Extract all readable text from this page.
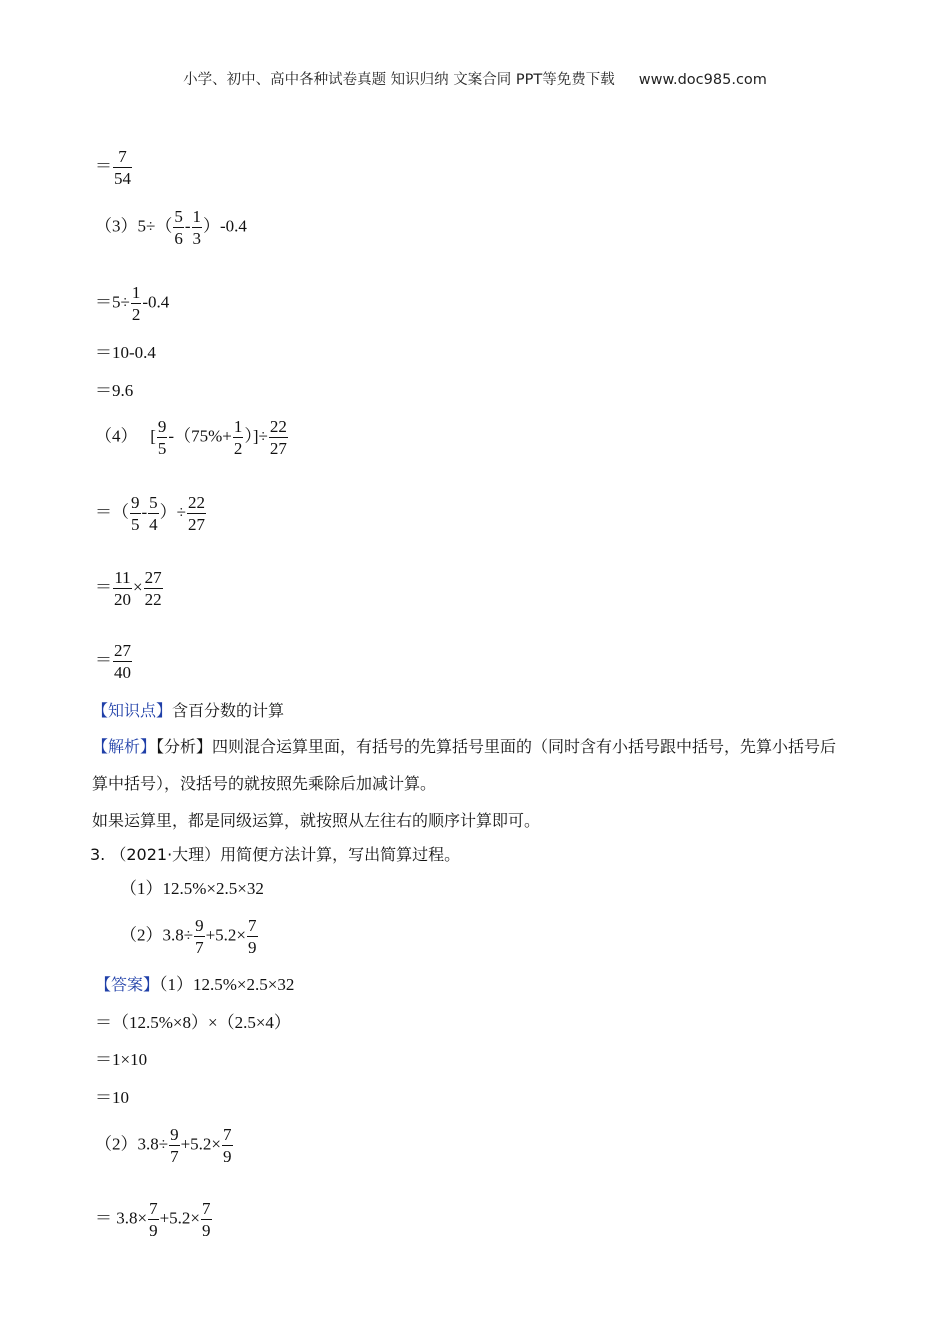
小学、初中、高中各种试卷真题 知识归纳 文案合同 PPT等免费下载 www.doc985.com
＝ $\frac{7}{54}$
$(3)5\div( \frac{5}{6} - \frac{1}{3} )-0.4$
$=5\div \frac{1}{2} -0.4$
＝10-0.4
＝9.6
（4）   [ $\frac{9}{5} -(75\%+ \frac{1}{2}$ ）]÷ $\frac{22}{27}$
＝（ $\frac{9}{5} - \frac{5}{4}$ ）÷ $\frac{22}{27}$
＝ $\frac{11}{20} \times \frac{27}{22}$
＝ $\frac{27}{40}$
【知识点】含百分数的计算
【解析】【分析】四则混合运算里面，有括号的先算括号里面的（同时含有小括号跟中括号，先算小括号后算中括号），没括号的就按照先乘除后加减计算。
如果运算里，都是同级运算，就按照从左往右的顺序计算即可。
3. （2021·大理）用简便方法计算，写出简算过程。
（1）12.5%×2.5×32
$(2)3.8\div \frac{9}{7} +5.2\times \frac{7}{9}$
【答案】（1）12.5%×2.5×32
＝（12.5%×8）×（2.5×4）
＝1×10
＝10
$(2)3.8\div \frac{9}{7} +5.2\times \frac{7}{9}$
＝ $3.8\times \frac{7}{9} +5.2\times \frac{7}{9}$
